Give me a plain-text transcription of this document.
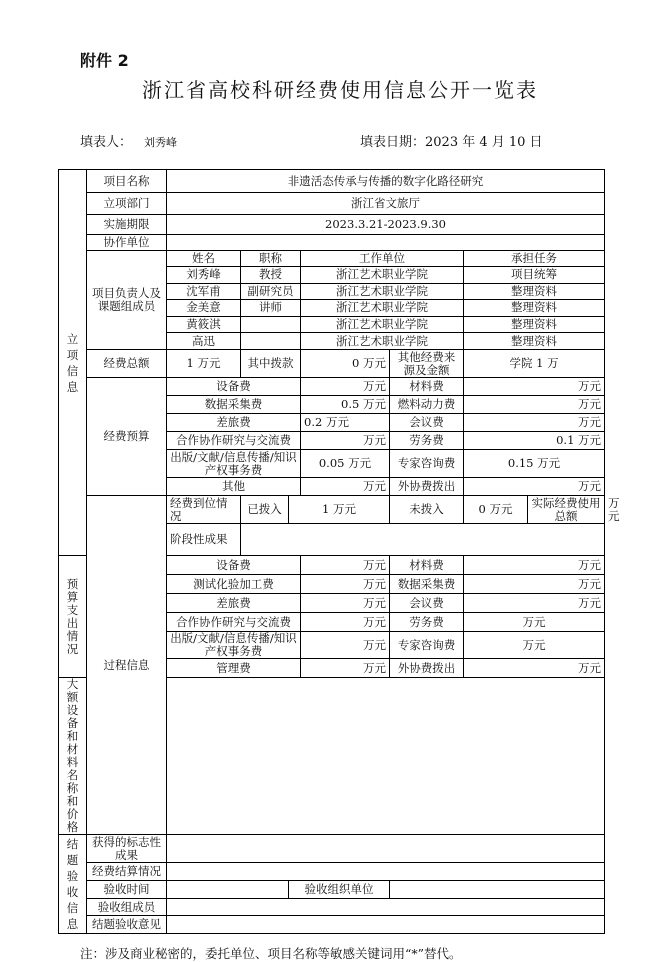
附件 2
浙江省高校科研经费使用信息公开一览表
填表人： 刘秀峰	填表日期：2023 年 4 月 10 日
立项信息	项目名称	非遗活态传承与传播的数字化路径研究							
	立项部门	浙江省文旅厅							
	实施期限	2023.3.21-2023.9.30							
	协作单位								
	项目负责人及课题组成员	姓名	职称		工作单位		承担任务		
		刘秀峰	教授		浙江艺术职业学院		项目统筹		
		沈军甫	副研究员		浙江艺术职业学院		整理资料		
		金美意	讲师		浙江艺术职业学院		整理资料		
		黄筱淇			浙江艺术职业学院		整理资料		
		高迅			浙江艺术职业学院		整理资料		
	经费总额	1 万元	其中拨款		0 万元	其他经费来源及金额	学院 1 万		
	经费预算	设备费			万元	材料费	万元		
		数据采集费			0.5 万元	燃料动力费	万元		
		差旅费			0.2 万元	会议费	万元		
		合作协作研究与交流费			万元	劳务费	0.1 万元		
		出版/文献/信息传播/知识产权事务费			0.05 万元	专家咨询费	0.15 万元		
		其他			万元	外协费拨出	万元		
	过程信息	经费到位情况	已拨入	1 万元		未拨入	0 万元	实际经费使用总额	万元
		阶段性成果							
预算支出情况		设备费			万元	材料费	万元		
		测试化验加工费			万元	数据采集费	万元		
		差旅费			万元	会议费	万元		
		合作协作研究与交流费			万元	劳务费	万元		
		出版/文献/信息传播/知识产权事务费			万元	专家咨询费	万元		
		管理费			万元	外协费拨出	万元		
大额设备和材料名称和价格									
结题验收信息	获得的标志性成果								
	经费结算情况								
	验收时间			验收组织单位					
	验收组成员								
	结题验收意见								
注：涉及商业秘密的，委托单位、项目名称等敏感关键词用“*”替代。
